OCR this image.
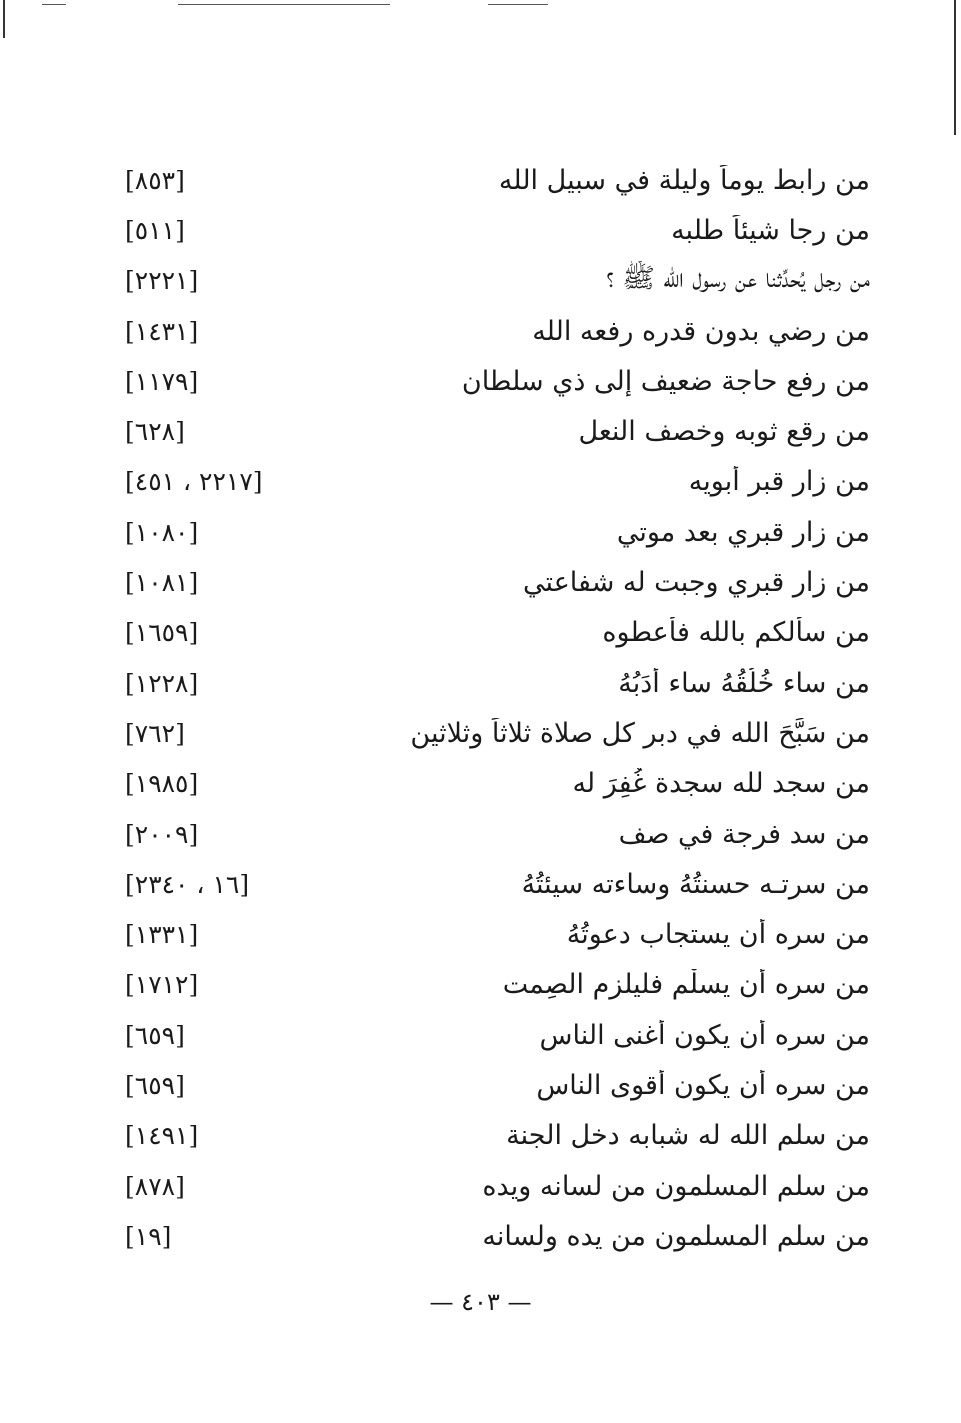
من رابط يوماً وليلة في سبيل الله
[٨٥٣]
من رجا شيئاً طلبه
[٥١١]
من رجل يُحدِّثنا عن رسول الله ﷺ ؟
[٢٢٢١]
من رضي بدون قدره رفعه الله
[١٤٣١]
من رفع حاجة ضعيف إلى ذي سلطان
[١١٧٩]
من رقع ثوبه وخصف النعل
[٦٢٨]
من زار قبر أبويه
[٢٢١٧ ، ٤٥١]
من زار قبري بعد موتي
[١٠٨٠]
من زار قبري وجبت له شفاعتي
[١٠٨١]
من سألكم بالله فأعطوه
[١٦٥٩]
من ساء خُلُقُهُ ساء أَدَبُهُ
[١٢٢٨]
من سَبَّحَ الله في دبر كل صلاة ثلاثاً وثلاثين
[٧٦٢]
من سجد لله سجدة غُفِرَ له
[١٩٨٥]
من سد فرجة في صف
[٢٠٠٩]
من سرتـه حسنتُهُ وساءته سيئتُهُ
[١٦ ، ٢٣٤٠]
من سره أن يستجاب دعوتُهُ
[١٣٣١]
من سره أن يسلْم فليلزم الصِمت
[١٧١٢]
من سره أن يكون أغنى الناس
[٦٥٩]
من سره أن يكون أقوى الناس
[٦٥٩]
من سلم الله له شبابه دخل الجنة
[١٤٩١]
من سلم المسلمون من لسانه ويده
[٨٧٨]
من سلم المسلمون من يده ولسانه
[١٩]
— ٤٠٣ —
